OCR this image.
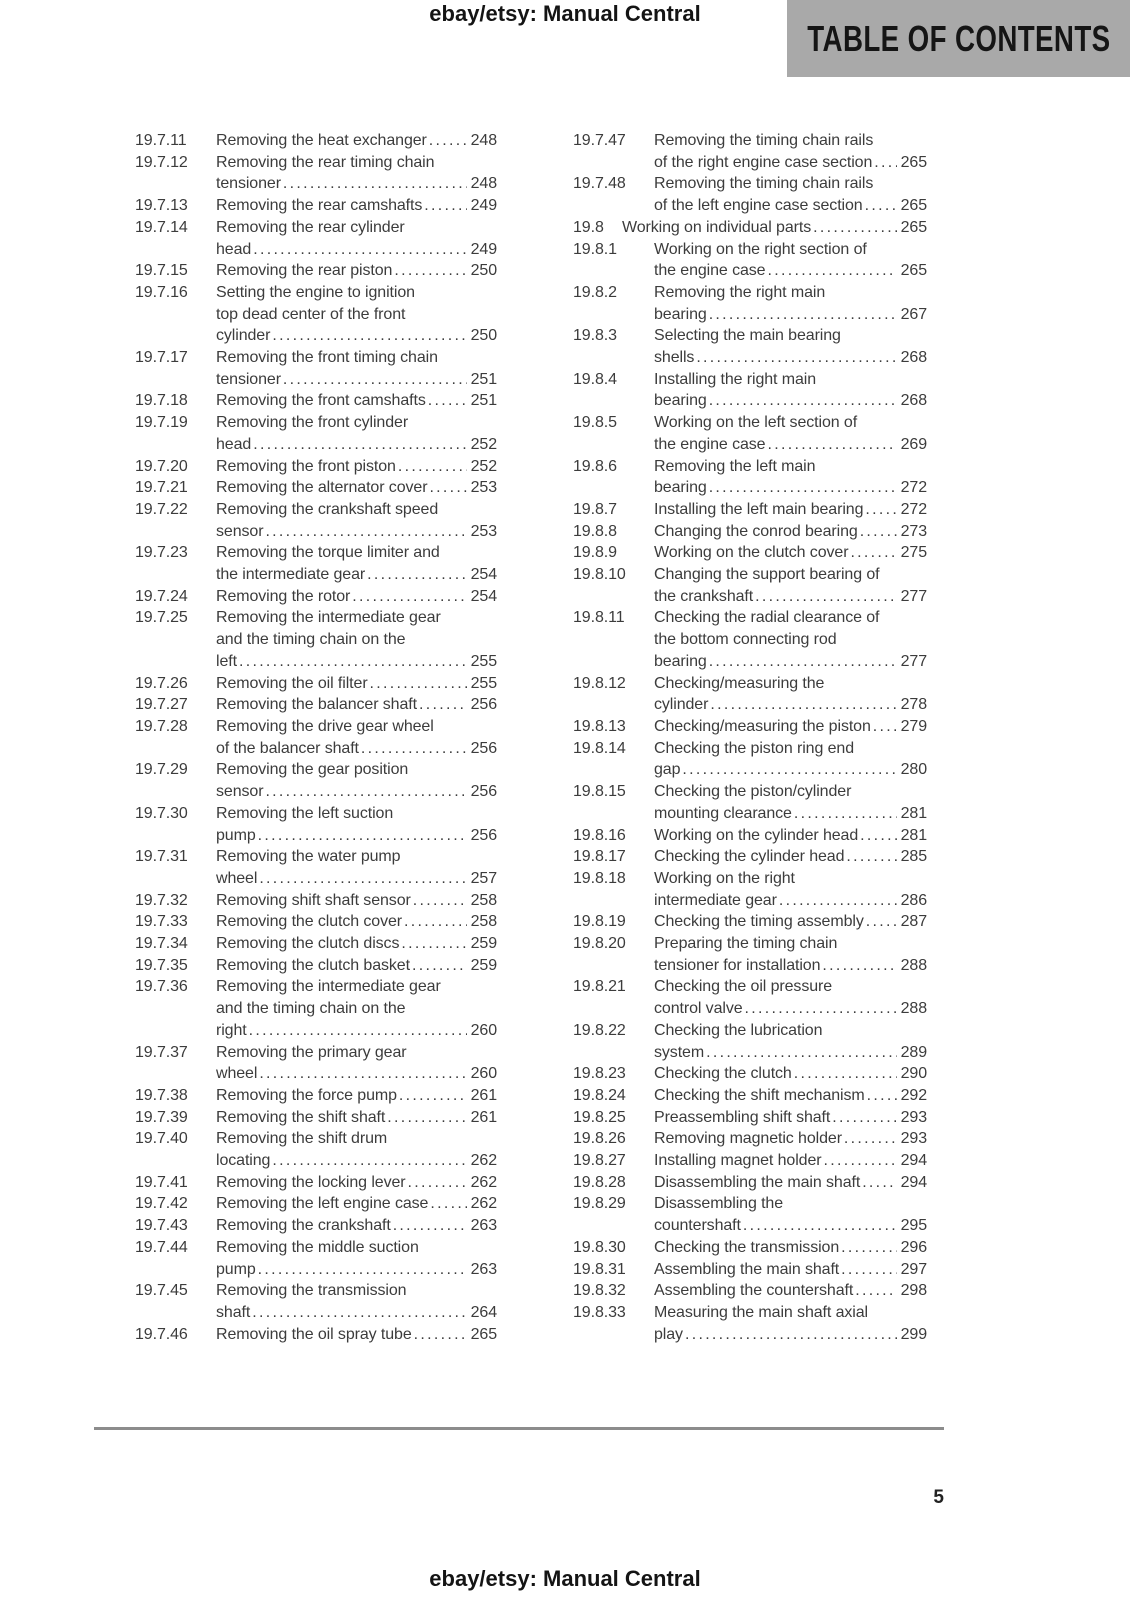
ebay/etsy: Manual Central
TABLE OF CONTENTS
19.7.11 Removing the heat exchanger .....	248
19.7.12 Removing the rear timing chain
tensioner .....	248
19.7.13 Removing the rear camshafts .....	249
19.7.14 Removing the rear cylinder
head .....	249
19.7.15 Removing the rear piston .....	250
19.7.16 Setting the engine to ignition
top dead center of the front
cylinder .....	250
19.7.17 Removing the front timing chain
tensioner .....	251
19.7.18 Removing the front camshafts .....	251
19.7.19 Removing the front cylinder
head .....	252
19.7.20 Removing the front piston .....	252
19.7.21 Removing the alternator cover .....	253
19.7.22 Removing the crankshaft speed
sensor .....	253
19.7.23 Removing the torque limiter and
the intermediate gear .....	254
19.7.24 Removing the rotor .....	254
19.7.25 Removing the intermediate gear
and the timing chain on the
left .....	255
19.7.26 Removing the oil filter .....	255
19.7.27 Removing the balancer shaft .....	256
19.7.28 Removing the drive gear wheel
of the balancer shaft .....	256
19.7.29 Removing the gear position
sensor .....	256
19.7.30 Removing the left suction
pump .....	256
19.7.31 Removing the water pump
wheel .....	257
19.7.32 Removing shift shaft sensor .....	258
19.7.33 Removing the clutch cover .....	258
19.7.34 Removing the clutch discs .....	259
19.7.35 Removing the clutch basket .....	259
19.7.36 Removing the intermediate gear
and the timing chain on the
right .....	260
19.7.37 Removing the primary gear
wheel .....	260
19.7.38 Removing the force pump .....	261
19.7.39 Removing the shift shaft .....	261
19.7.40 Removing the shift drum
locating .....	262
19.7.41 Removing the locking lever .....	262
19.7.42 Removing the left engine case .....	262
19.7.43 Removing the crankshaft .....	263
19.7.44 Removing the middle suction
pump .....	263
19.7.45 Removing the transmission
shaft .....	264
19.7.46 Removing the oil spray tube .....	265
19.7.47 Removing the timing chain rails
of the right engine case section ..... 265
19.7.48 Removing the timing chain rails
of the left engine case section ..... 265
19.8 Working on individual parts .....	265
19.8.1 Working on the right section of
the engine case .....	265
19.8.2 Removing the right main
bearing .....	267
19.8.3 Selecting the main bearing
shells .....	268
19.8.4 Installing the right main
bearing .....	268
19.8.5 Working on the left section of
the engine case .....	269
19.8.6 Removing the left main
bearing .....	272
19.8.7 Installing the left main bearing ..... 272
19.8.8 Changing the conrod bearing .....	273
19.8.9 Working on the clutch cover .....	275
19.8.10 Changing the support bearing of
the crankshaft .....	277
19.8.11 Checking the radial clearance of
the bottom connecting rod
bearing .....	277
19.8.12 Checking/measuring the
cylinder .....	278
19.8.13 Checking/measuring the piston ..... 279
19.8.14 Checking the piston ring end
gap .....	280
19.8.15 Checking the piston/cylinder
mounting clearance .....	281
19.8.16 Working on the cylinder head .....	281
19.8.17 Checking the cylinder head .....	285
19.8.18 Working on the right
intermediate gear .....	286
19.8.19 Checking the timing assembly ..... 287
19.8.20 Preparing the timing chain
tensioner for installation .....	288
19.8.21 Checking the oil pressure
control valve .....	288
19.8.22 Checking the lubrication
system .....	289
19.8.23 Checking the clutch .....	290
19.8.24 Checking the shift mechanism ..... 292
19.8.25 Preassembling shift shaft .....	293
19.8.26 Removing magnetic holder .....	293
19.8.27 Installing magnet holder .....	294
19.8.28 Disassembling the main shaft .....	294
19.8.29 Disassembling the
countershaft .....	295
19.8.30 Checking the transmission .....	296
19.8.31 Assembling the main shaft .....	297
19.8.32 Assembling the countershaft .....	298
19.8.33 Measuring the main shaft axial
play .....	299
5
ebay/etsy: Manual Central
